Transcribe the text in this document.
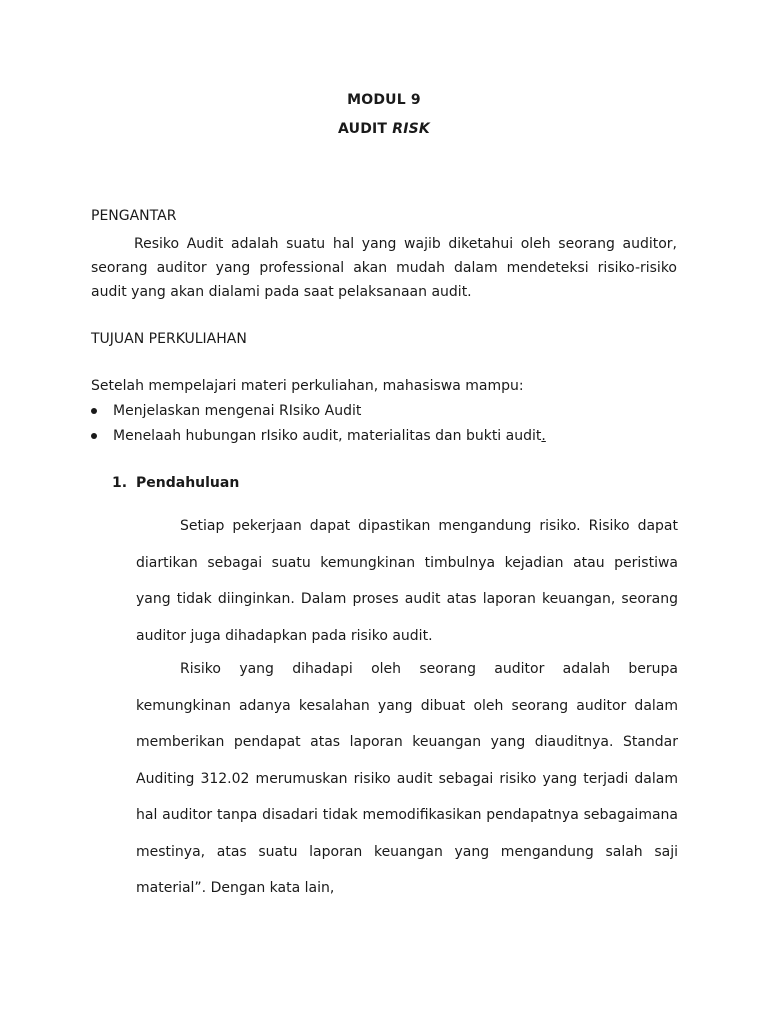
MODUL 9
AUDIT RISK
PENGANTAR
Resiko Audit adalah suatu hal yang wajib diketahui oleh seorang auditor, seorang auditor yang professional akan mudah dalam mendeteksi risiko-risiko audit yang akan dialami pada saat pelaksanaan audit.
TUJUAN PERKULIAHAN
Setelah mempelajari materi perkuliahan, mahasiswa mampu:
Menjelaskan mengenai RIsiko Audit
Menelaah hubungan rIsiko audit, materialitas dan bukti audit.
1. Pendahuluan
Setiap pekerjaan dapat dipastikan mengandung risiko. Risiko dapat diartikan sebagai suatu kemungkinan timbulnya kejadian atau peristiwa yang tidak diinginkan. Dalam proses audit atas laporan keuangan, seorang auditor juga dihadapkan pada risiko audit.
Risiko yang dihadapi oleh seorang auditor adalah berupa kemungkinan adanya kesalahan yang dibuat oleh seorang auditor dalam memberikan pendapat atas laporan keuangan yang diauditnya. Standar Auditing 312.02 merumuskan risiko audit sebagai risiko yang terjadi dalam hal auditor tanpa disadari tidak memodifikasikan pendapatnya sebagaimana mestinya, atas suatu laporan keuangan yang mengandung salah saji material”. Dengan kata lain,
